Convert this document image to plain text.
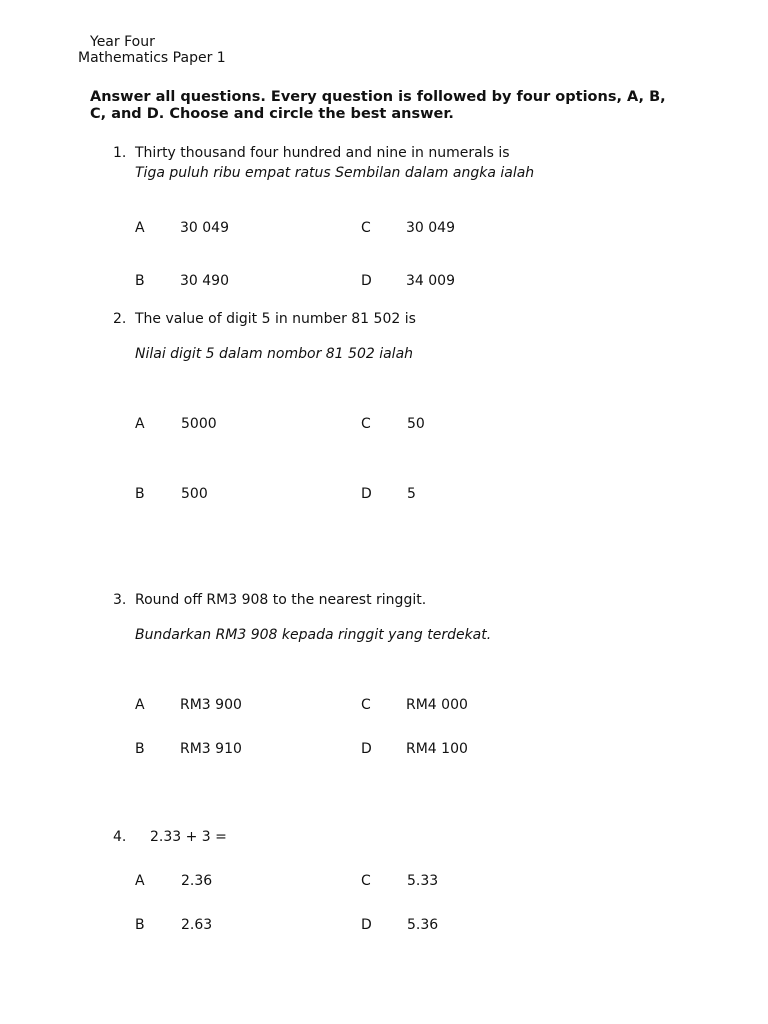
Year Four
Mathematics Paper 1
Answer all questions. Every question is followed by four options, A, B,
C, and D. Choose and circle the best answer.
1. Thirty thousand four hundred and nine in numerals is
Tiga puluh ribu empat ratus Sembilan dalam angka ialah
A	30 049	C	30 049
B	30 490	D 34 009
2. The value of digit 5 in number 81 502 is
Nilai digit 5 dalam nombor 81 502 ialah
A	5000	C	50
B	500	D	5
3. Round off RM3 908 to the nearest ringgit.
Bundarkan RM3 908 kepada ringgit yang terdekat.
A	RM3 900	C	RM4 000
B	RM3 910	D RM4 100
4. 2.33 + 3 =
A	2.36	C	5.33
B	2.63	D	5.36
